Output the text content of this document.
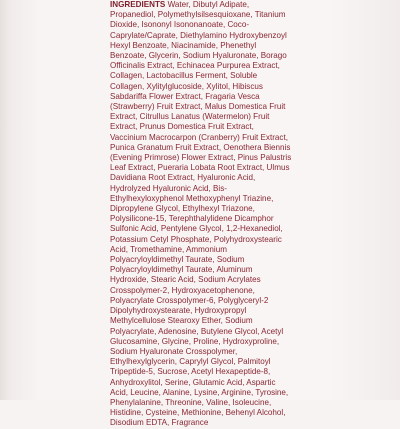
INGREDIENTS Water, Dibutyl Adipate, Propanediol, Polymethylsilsesquioxane, Titanium Dioxide, Isononyl Isononanoate, Coco-Caprylate/Caprate, Diethylamino Hydroxybenzoyl Hexyl Benzoate, Niacinamide, Phenethyl Benzoate, Glycerin, Sodium Hyaluronate, Borago Officinalis Extract, Echinacea Purpurea Extract, Collagen, Lactobacillus Ferment, Soluble Collagen, Xylitylglucoside, Xylitol, Hibiscus Sabdariffa Flower Extract, Fragaria Vesca (Strawberry) Fruit Extract, Malus Domestica Fruit Extract, Citrullus Lanatus (Watermelon) Fruit Extract, Prunus Domestica Fruit Extract, Vaccinium Macrocarpon (Cranberry) Fruit Extract, Punica Granatum Fruit Extract, Oenothera Biennis (Evening Primrose) Flower Extract, Pinus Palustris Leaf Extract, Pueraria Lobata Root Extract, Ulmus Davidiana Root Extract, Hyaluronic Acid, Hydrolyzed Hyaluronic Acid, Bis-Ethylhexyloxyphenol Methoxyphenyl Triazine, Dipropylene Glycol, Ethylhexyl Triazone, Polysilicone-15, Terephthalylidene Dicamphor Sulfonic Acid, Pentylene Glycol, 1,2-Hexanediol, Potassium Cetyl Phosphate, Polyhydroxystearic Acid, Tromethamine, Ammonium Polyacryloyldimethyl Taurate, Sodium Polyacryloyldimethyl Taurate, Aluminum Hydroxide, Stearic Acid, Sodium Acrylates Crosspolymer-2, Hydroxyacetophenone, Polyacrylate Crosspolymer-6, Polyglyceryl-2 Dipolyhydroxystearate, Hydroxypropyl Methylcellulose Stearoxy Ether, Sodium Polyacrylate, Adenosine, Butylene Glycol, Acetyl Glucosamine, Glycine, Proline, Hydroxyproline, Sodium Hyaluronate Crosspolymer, Ethylhexylglycerin, Caprylyl Glycol, Palmitoyl Tripeptide-5, Sucrose, Acetyl Hexapeptide-8, Anhydroxylitol, Serine, Glutamic Acid, Aspartic Acid, Leucine, Alanine, Lysine, Arginine, Tyrosine, Phenylalanine, Threonine, Valine, Isoleucine, Histidine, Cysteine, Methionine, Behenyl Alcohol, Disodium EDTA, Fragrance
